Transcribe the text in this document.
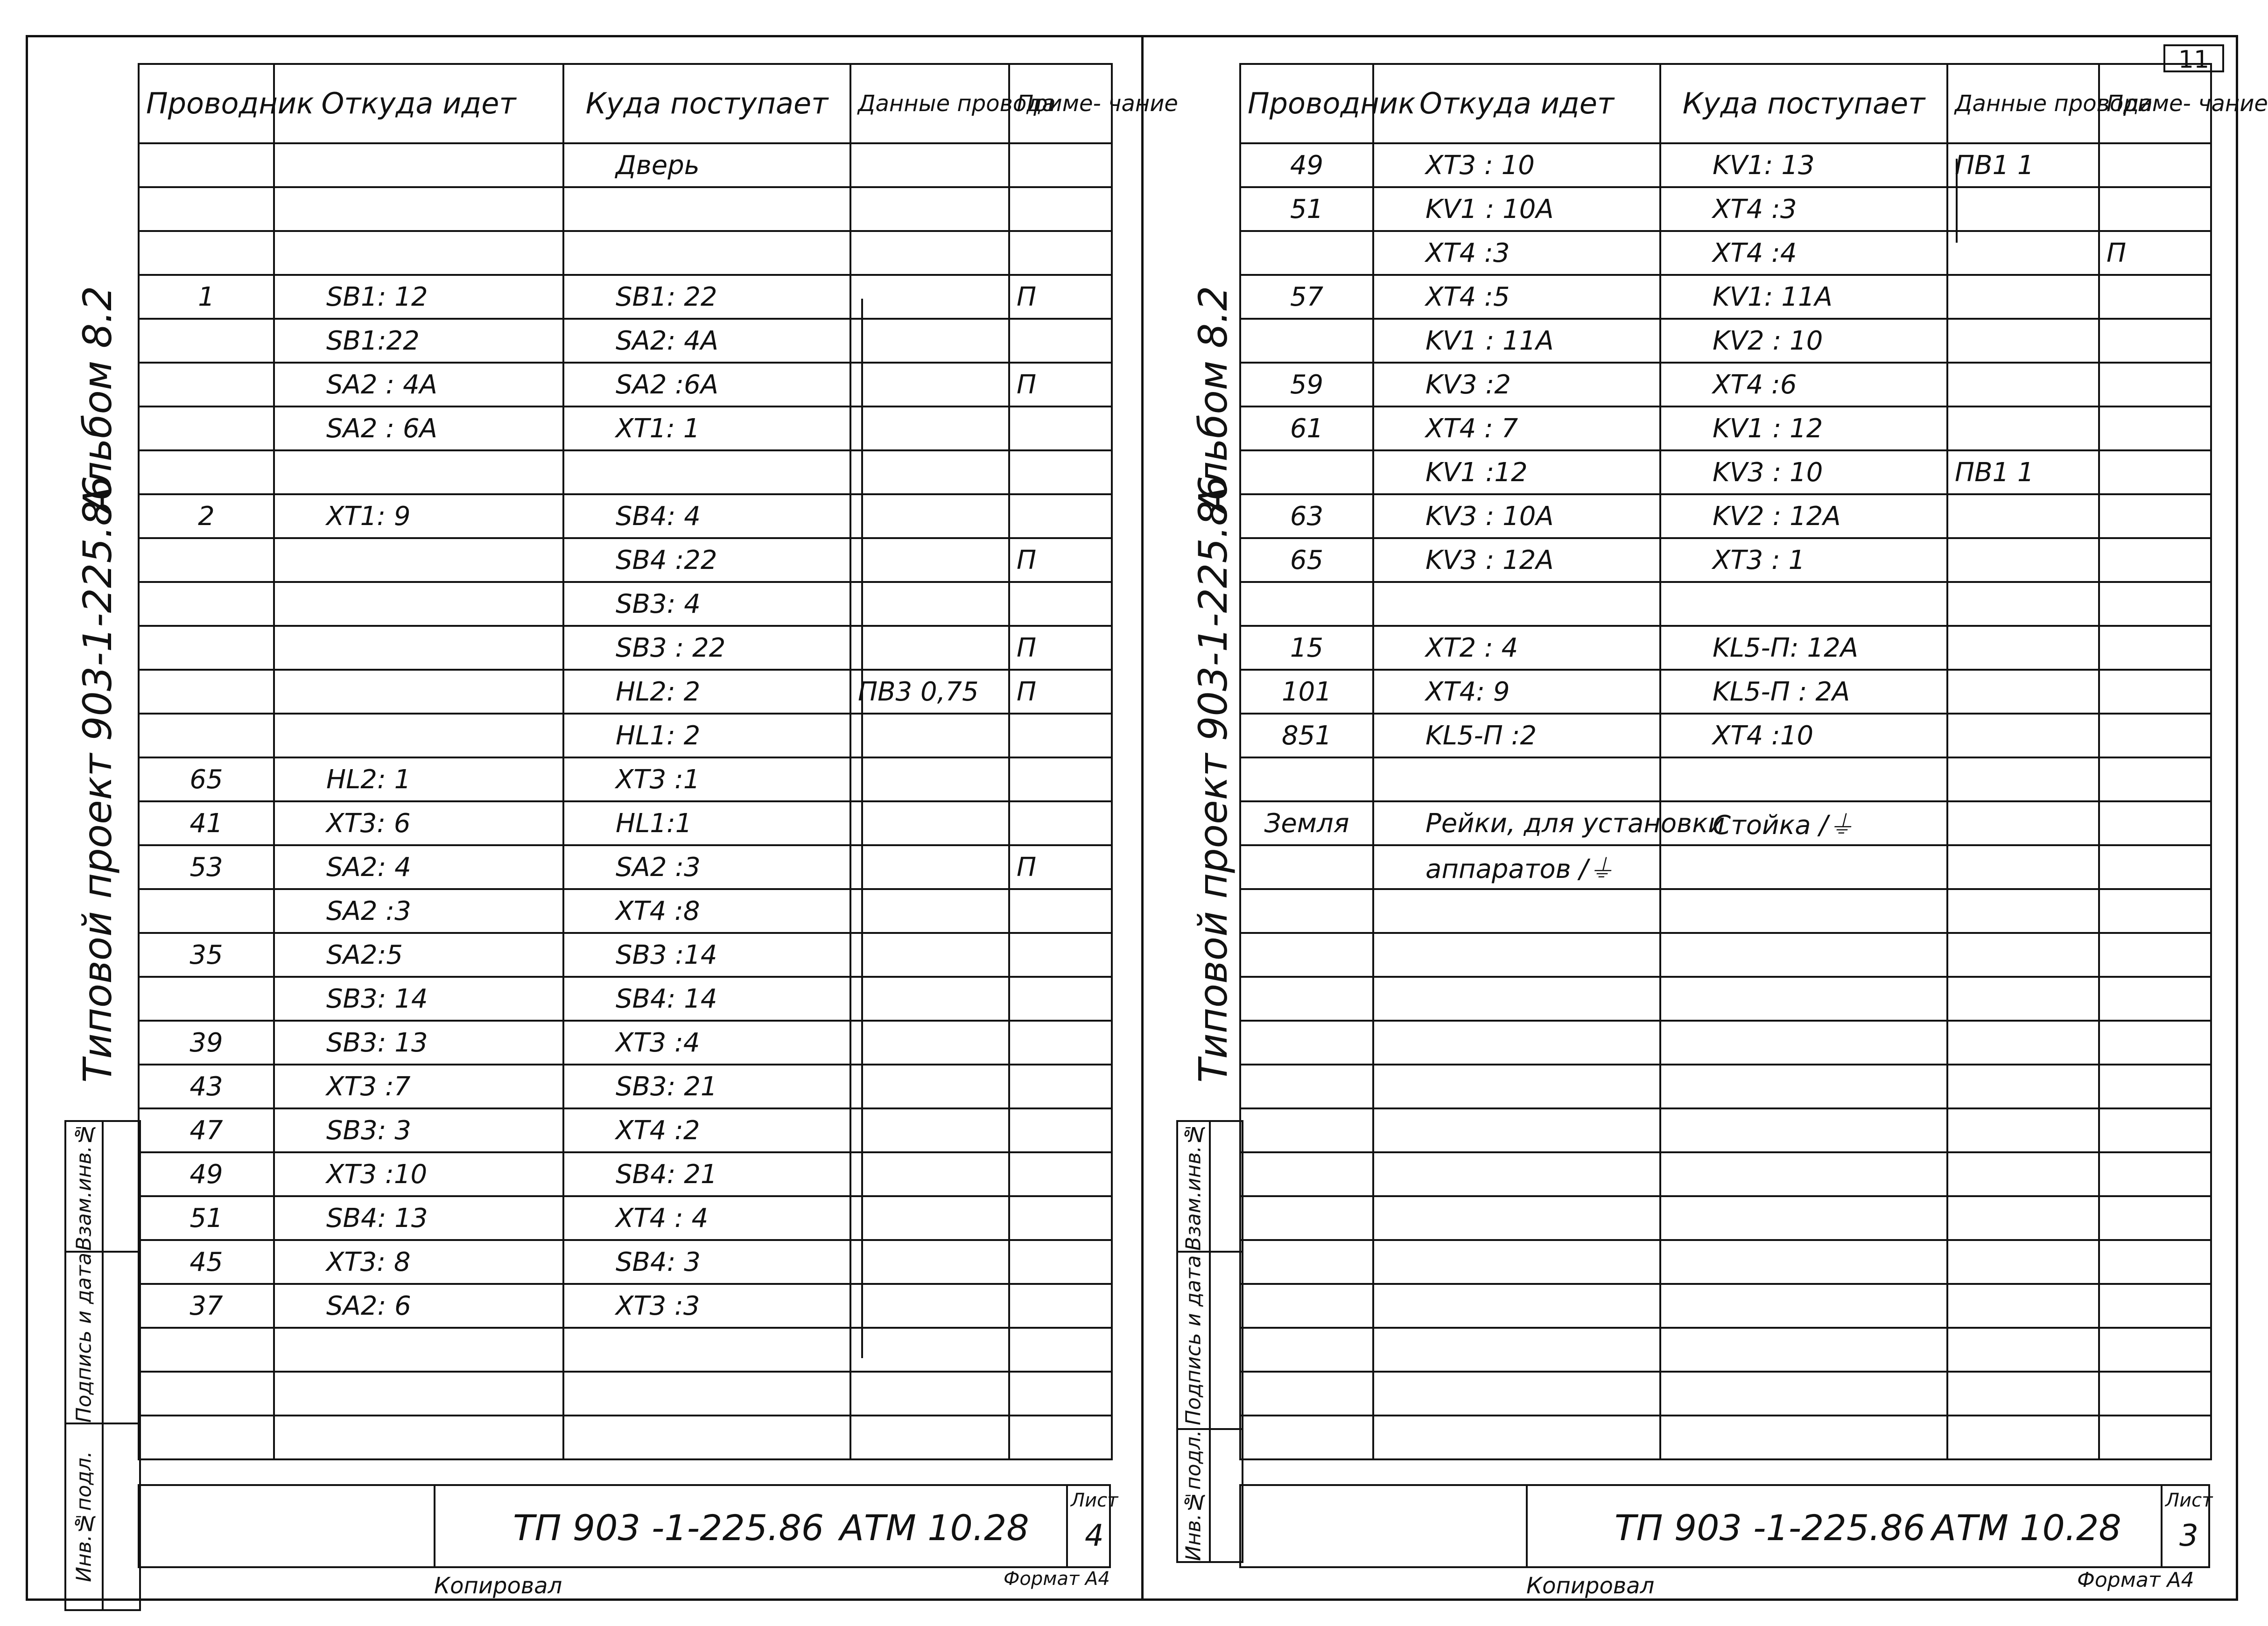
Типовой проект 903-1-225.86
Альбом 8.2
Взам.инв.№	
Подпись и дата	
Инв.№подл.	
Проводник	Откуда идет	Куда поступает	Данные провода	Приме- чание
		Дверь		

1	SB1: 12	SB1: 22		П
	SB1:22	SA2: 4A		
	SA2 : 4A	SA2 :6A		П
	SA2 : 6A	XT1: 1		

2	XT1: 9	SB4: 4		
		SB4 :22		П
		SB3: 4		
		SB3 : 22		П
		HL2: 2	ПВ3 0,75	П
		HL1: 2		
65	HL2: 1	XT3 :1		
41	XT3: 6	HL1:1		
53	SA2: 4	SA2 :3		П
	SA2 :3	XT4 :8		
35	SA2:5	SB3 :14		
	SB3: 14	SB4: 14		
39	SB3: 13	XT3 :4		
43	XT3 :7	SB3: 21		
47	SB3: 3	XT4 :2		
49	XT3 :10	SB4: 21		
51	SB4: 13	XT4 : 4		
45	XT3: 8	SB4: 3		
37	SA2: 6	XT3 :3		

ТП 903 -1-225.86 АТМ 10.28
Лист
4
Копировал	Формат А4
11
Типовой проект 903-1-225.86
Альбом 8.2
Взам.инв.№	
Подпись и дата	
Инв.№подл.	
Проводник	Откуда идет	Куда поступает	Данные провода	Приме- чание
49	XT3 : 10	KV1: 13	ПВ1 1	
51	KV1 : 10A	XT4 :3		
	XT4 :3	XT4 :4		П
57	XT4 :5	KV1: 11A		
	KV1 : 11A	KV2 : 10		
59	KV3 :2	XT4 :6		
61	XT4 : 7	KV1 : 12		
	KV1 :12	KV3 : 10	ПВ1 1	
63	KV3 : 10A	KV2 : 12A		
65	KV3 : 12A	XT3 : 1		

15	XT2 : 4	KL5-П: 12A		
101	XT4: 9	KL5-П : 2A		
851	KL5-П :2	XT4 :10		

Земля	Рейки, для установки	Стойка /⏚		
	аппаратов /⏚			

ТП 903 -1-225.86 АТМ 10.28
Лист
3
Копировал	Формат А4
